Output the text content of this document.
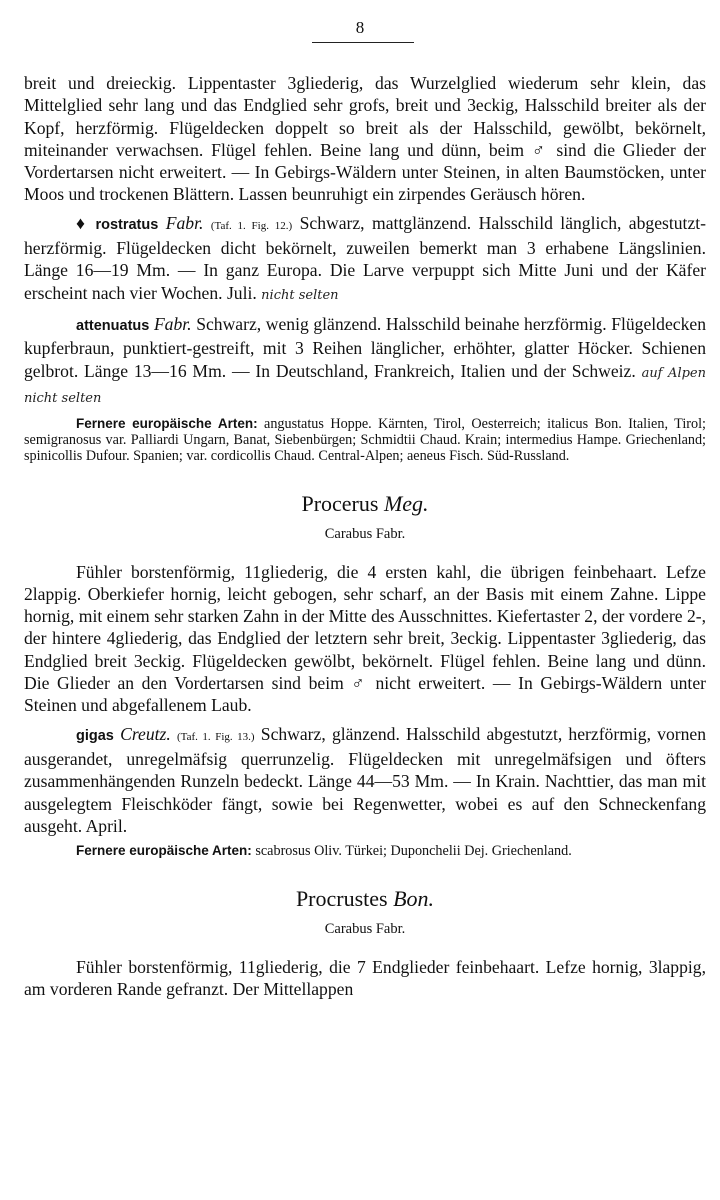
8

breit und dreieckig. Lippentaster 3gliederig, das Wurzelglied wiederum sehr klein, das Mittelglied sehr lang und das Endglied sehr grofs, breit und 3eckig, Halsschild breiter als der Kopf, herzförmig. Flügeldecken doppelt so breit als der Halsschild, gewölbt, bekörnelt, miteinander verwachsen. Flügel fehlen. Beine lang und dünn, beim ♂ sind die Glieder der Vordertarsen nicht erweitert. — In Gebirgs-Wäldern unter Steinen, in alten Baumstöcken, unter Moos und trockenen Blättern. Lassen beunruhigt ein zirpendes Geräusch hören.

♦ rostratus Fabr. (Taf. 1. Fig. 12.) Schwarz, mattglänzend. Halsschild länglich, abgestutzt-herzförmig. Flügeldecken dicht bekörnelt, zuweilen bemerkt man 3 erhabene Längslinien. Länge 16—19 Mm. — In ganz Europa. Die Larve verpuppt sich Mitte Juni und der Käfer erscheint nach vier Wochen. Juli. nicht selten

attenuatus Fabr. Schwarz, wenig glänzend. Halsschild beinahe herzförmig. Flügeldecken kupferbraun, punktiert-gestreift, mit 3 Reihen länglicher, erhöhter, glatter Höcker. Schienen gelbrot. Länge 13—16 Mm. — In Deutschland, Frankreich, Italien und der Schweiz. auf Alpen nicht selten

Fernere europäische Arten: angustatus Hoppe. Kärnten, Tirol, Oesterreich; italicus Bon. Italien, Tirol; semigranosus var. Palliardi Ungarn, Banat, Siebenbürgen; Schmidtii Chaud. Krain; intermedius Hampe. Griechenland; spinicollis Dufour. Spanien; var. cordicollis Chaud. Central-Alpen; aeneus Fisch. Süd-Russland.

Procerus Meg.
Carabus Fabr.

Fühler borstenförmig, 11gliederig, die 4 ersten kahl, die übrigen feinbehaart. Lefze 2lappig. Oberkiefer hornig, leicht gebogen, sehr scharf, an der Basis mit einem Zahne. Lippe hornig, mit einem sehr starken Zahn in der Mitte des Ausschnittes. Kiefertaster 2, der vordere 2-, der hintere 4gliederig, das Endglied der letztern sehr breit, 3eckig. Lippentaster 3gliederig, das Endglied breit 3eckig. Flügeldecken gewölbt, bekörnelt. Flügel fehlen. Beine lang und dünn. Die Glieder an den Vordertarsen sind beim ♂ nicht erweitert. — In Gebirgs-Wäldern unter Steinen und abgefallenem Laub.

gigas Creutz. (Taf. 1. Fig. 13.) Schwarz, glänzend. Halsschild abgestutzt, herzförmig, vornen ausgerandet, unregelmäfsig querrunzelig. Flügeldecken mit unregelmäfsigen und öfters zusammenhängenden Runzeln bedeckt. Länge 44—53 Mm. — In Krain. Nachttier, das man mit ausgelegtem Fleischköder fängt, sowie bei Regenwetter, wobei es auf den Schneckenfang ausgeht. April.

Fernere europäische Arten: scabrosus Oliv. Türkei; Duponchelii Dej. Griechenland.

Procrustes Bon.
Carabus Fabr.

Fühler borstenförmig, 11gliederig, die 7 Endglieder feinbehaart. Lefze hornig, 3lappig, am vorderen Rande gefranzt. Der Mittellappen
